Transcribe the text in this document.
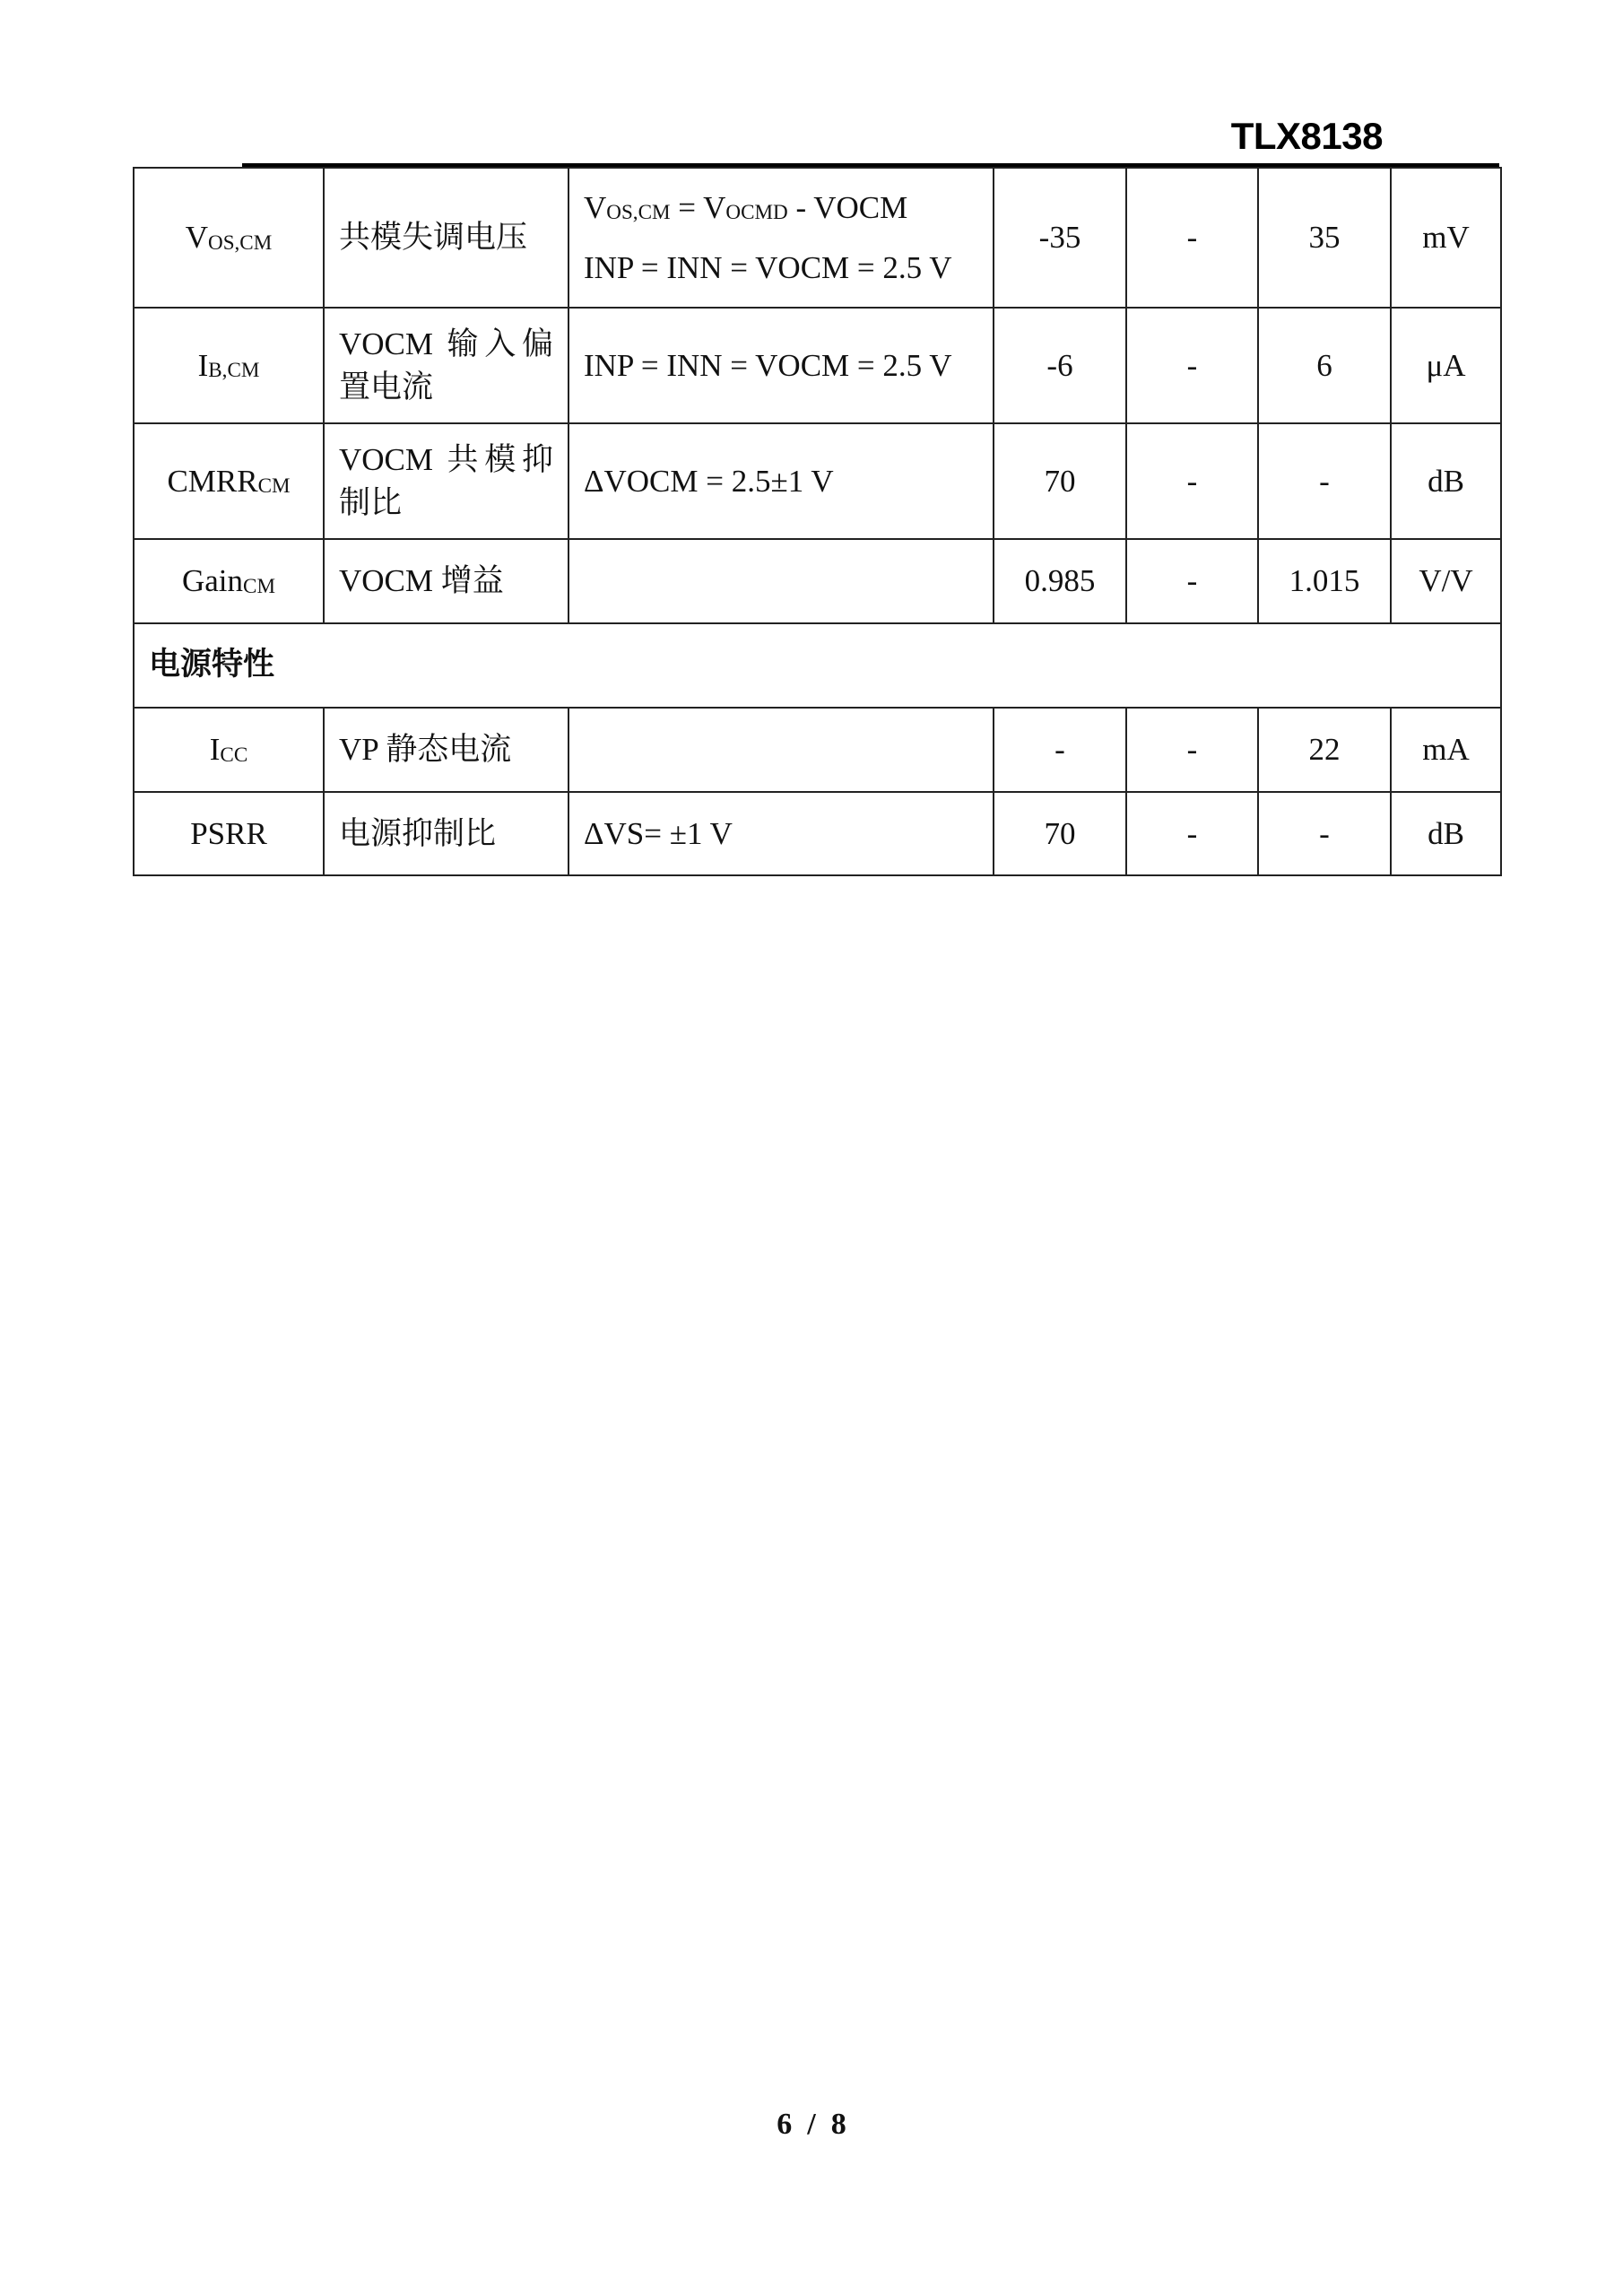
TLX8138
$V_{OS,CM}$	共模失调电压	$V_{OS,CM} = V_{OCMD}$ - VOCM
INP = INN = VOCM = 2.5 V	-35	-	35	mV
$I_{B,CM}$	VOCM 输入偏置电流	INP = INN = VOCM = 2.5 V	-6	-	6	μA
$CMRR_{CM}$	VOCM 共模抑制比	ΔVOCM = 2.5±1 V	70	-	-	dB
Gain$_{CM}$	VOCM 增益		0.985	-	1.015	V/V
电源特性						
$I_{CC}$	VP 静态电流		-	-	22	mA
PSRR	电源抑制比	ΔVS= ±1 V	70	-	-	dB
6  /  8
